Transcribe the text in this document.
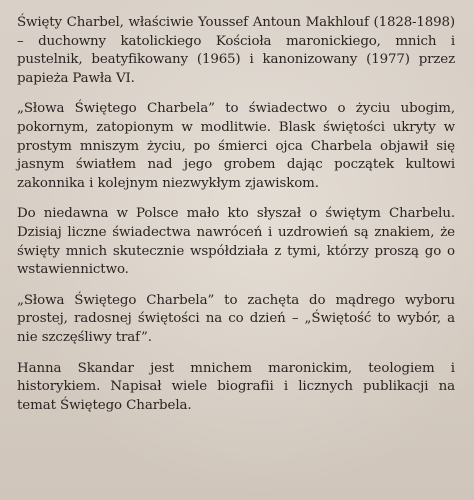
Święty Charbel, właściwie Youssef Antoun Makhlouf (1828-1898) – duchowny katolickiego Kościoła maronickiego, mnich i pustelnik, beatyfikowany (1965) i kanonizowany (1977) przez papieża Pawła VI.

„Słowa Świętego Charbela” to świadectwo o życiu ubogim, pokornym, zatopionym w modlitwie. Blask świętości ukryty w prostym mniszym życiu, po śmierci ojca Charbela objawił się jasnym światłem nad jego grobem dając początek kultowi zakonnika i kolejnym niezwykłym zjawiskom.

Do niedawna w Polsce mało kto słyszał o świętym Charbelu. Dzisiaj liczne świadectwa nawróceń i uzdrowień są znakiem, że święty mnich skutecznie współdziała z tymi, którzy proszą go o wstawiennictwo.

„Słowa Świętego Charbela” to zachęta do mądrego wyboru prostej, radosnej świętości na co dzień – „Świętość to wybór, a nie szczęśliwy traf”.

Hanna Skandar jest mnichem maronickim, teologiem i historykiem. Napisał wiele biografii i licznych publikacji na temat Świętego Charbela.
